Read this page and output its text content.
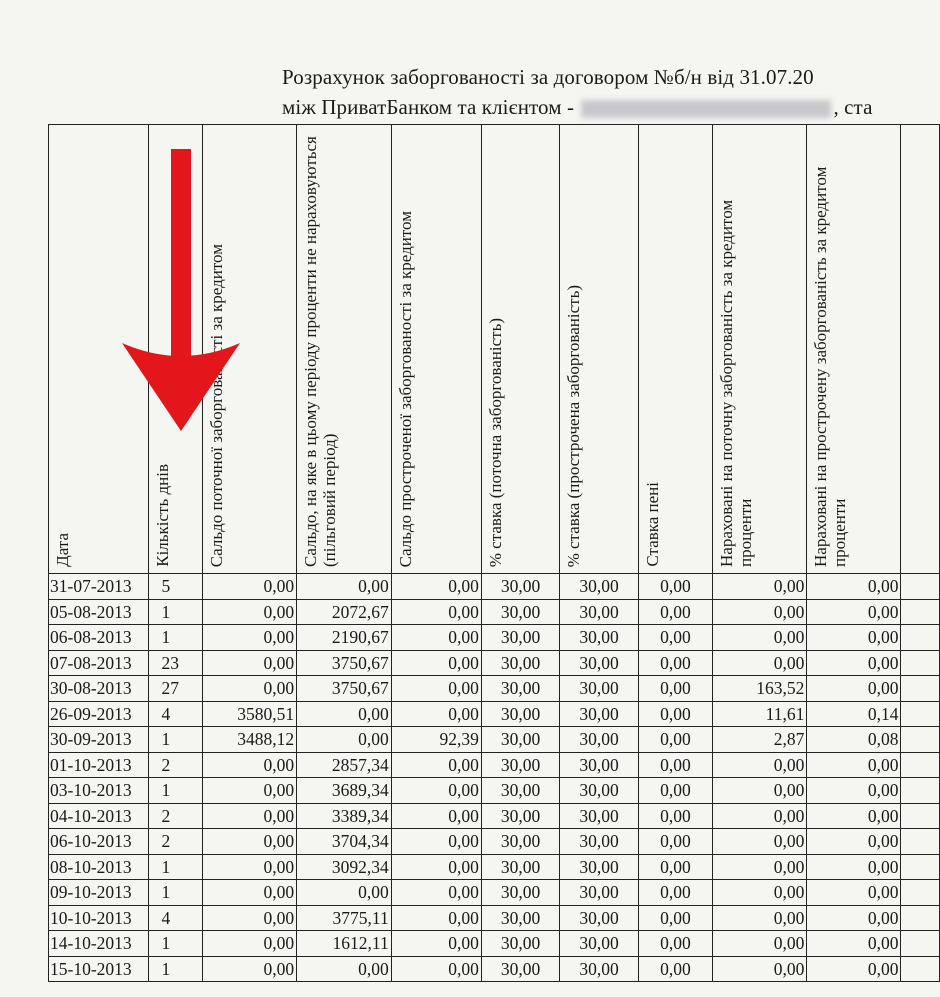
Розрахунок заборгованості за договором №б/н від 31.07.20
між ПриватБанком та клієнтом -	, ста
Дата	Кількість днів	Сальдо поточної заборгованості за кредитом	Сальдо, на яке в цьому періоду проценти не нараховуються (пільговий період)	Сальдо простроченої заборгованості за кредитом	% ставка (поточна заборгованість)	% ставка (прострочена заборгованість)	Ставка пені	Нараховані на поточну заборгованість за кредитом проценти	Нараховані на прострочену заборгованість за кредитом проценти	

31-07-2013	5	0,00	0,00	0,00	30,00	30,00	0,00	0,00	0,00	
05-08-2013	1	0,00	2072,67	0,00	30,00	30,00	0,00	0,00	0,00	
06-08-2013	1	0,00	2190,67	0,00	30,00	30,00	0,00	0,00	0,00	
07-08-2013	23	0,00	3750,67	0,00	30,00	30,00	0,00	0,00	0,00	
30-08-2013	27	0,00	3750,67	0,00	30,00	30,00	0,00	163,52	0,00	
26-09-2013	4	3580,51	0,00	0,00	30,00	30,00	0,00	11,61	0,14	
30-09-2013	1	3488,12	0,00	92,39	30,00	30,00	0,00	2,87	0,08	
01-10-2013	2	0,00	2857,34	0,00	30,00	30,00	0,00	0,00	0,00	
03-10-2013	1	0,00	3689,34	0,00	30,00	30,00	0,00	0,00	0,00	
04-10-2013	2	0,00	3389,34	0,00	30,00	30,00	0,00	0,00	0,00	
06-10-2013	2	0,00	3704,34	0,00	30,00	30,00	0,00	0,00	0,00	
08-10-2013	1	0,00	3092,34	0,00	30,00	30,00	0,00	0,00	0,00	
09-10-2013	1	0,00	0,00	0,00	30,00	30,00	0,00	0,00	0,00	
10-10-2013	4	0,00	3775,11	0,00	30,00	30,00	0,00	0,00	0,00	
14-10-2013	1	0,00	1612,11	0,00	30,00	30,00	0,00	0,00	0,00	
15-10-2013	1	0,00	0,00	0,00	30,00	30,00	0,00	0,00	0,00	
